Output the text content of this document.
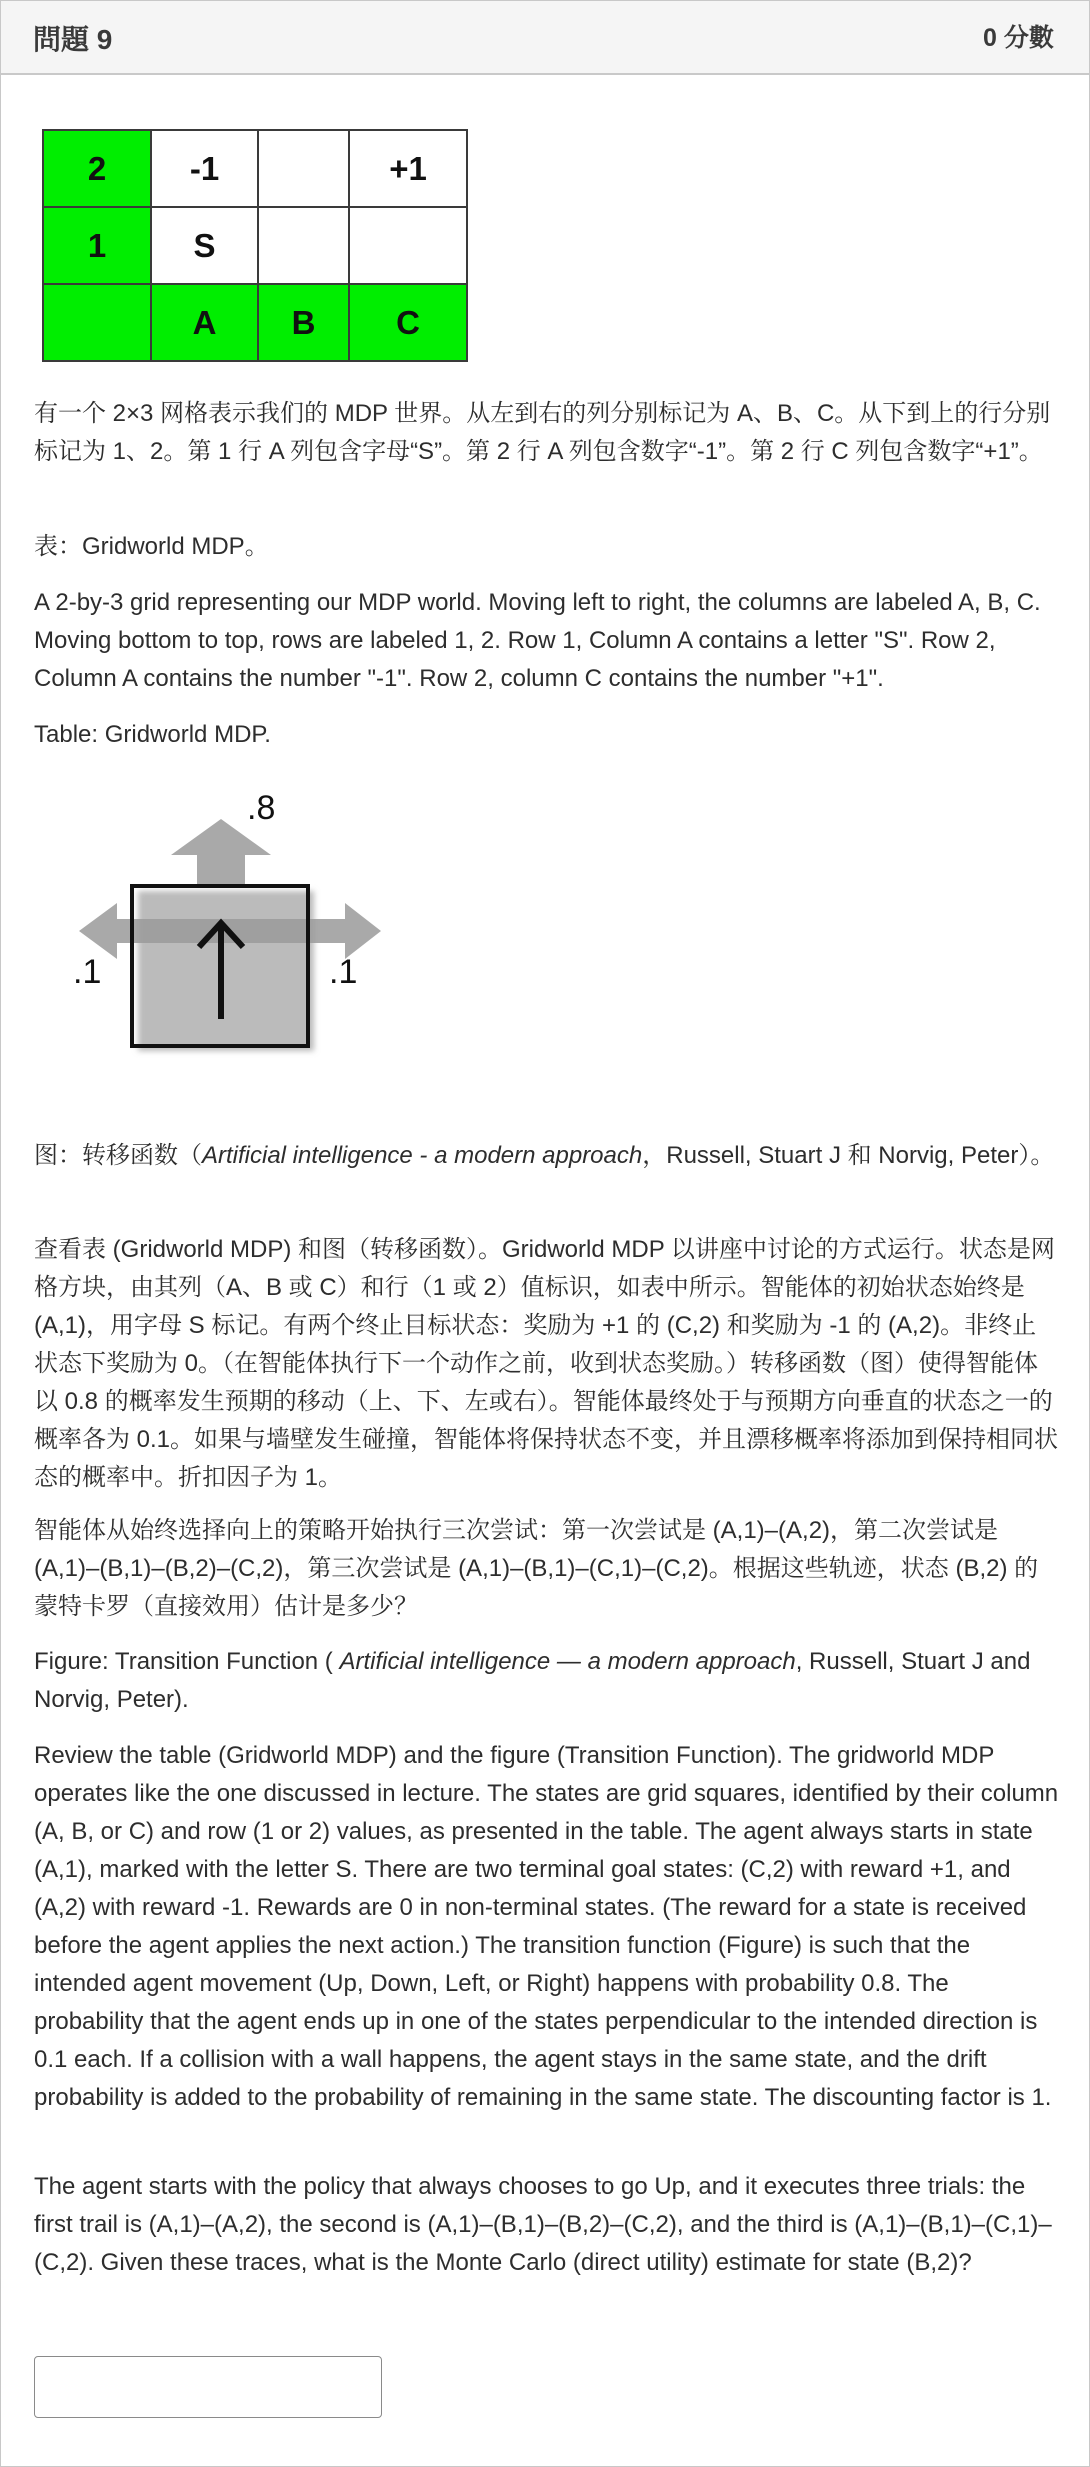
問題 9	0 分數
2	-1		+1
1	S		
	A	B	C

有一个 2×3 网格表示我们的 MDP 世界。从左到右的列分别标记为 A、B、C。从下到上的行分别标记为 1、2。第 1 行 A 列包含字母“S”。第 2 行 A 列包含数字“-1”。第 2 行 C 列包含数字“+1”。

表：Gridworld MDP。

A 2-by-3 grid representing our MDP world. Moving left to right, the columns are labeled A, B, C. Moving bottom to top, rows are labeled 1, 2. Row 1, Column A contains a letter "S". Row 2, Column A contains the number "-1". Row 2, column C contains the number "+1".

Table: Gridworld MDP.

.8
.1	.1

图：转移函数（Artificial intelligence - a modern approach，Russell, Stuart J 和 Norvig, Peter）。

查看表 (Gridworld MDP) 和图（转移函数）。Gridworld MDP 以讲座中讨论的方式运行。状态是网格方块，由其列（A、B 或 C）和行（1 或 2）值标识，如表中所示。智能体的初始状态始终是 (A,1)，用字母 S 标记。有两个终止目标状态：奖励为 +1 的 (C,2) 和奖励为 -1 的 (A,2)。非终止状态下奖励为 0。（在智能体执行下一个动作之前，收到状态奖励。）转移函数（图）使得智能体以 0.8 的概率发生预期的移动（上、下、左或右）。智能体最终处于与预期方向垂直的状态之一的概率各为 0.1。如果与墙壁发生碰撞，智能体将保持状态不变，并且漂移概率将添加到保持相同状态的概率中。折扣因子为 1。

智能体从始终选择向上的策略开始执行三次尝试：第一次尝试是 (A,1)–(A,2)，第二次尝试是 (A,1)–(B,1)–(B,2)–(C,2)，第三次尝试是 (A,1)–(B,1)–(C,1)–(C,2)。根据这些轨迹，状态 (B,2) 的蒙特卡罗（直接效用）估计是多少？

Figure: Transition Function ( Artificial intelligence — a modern approach, Russell, Stuart J and Norvig, Peter).

Review the table (Gridworld MDP) and the figure (Transition Function). The gridworld MDP operates like the one discussed in lecture. The states are grid squares, identified by their column (A, B, or C) and row (1 or 2) values, as presented in the table. The agent always starts in state (A,1), marked with the letter S. There are two terminal goal states: (C,2) with reward +1, and (A,2) with reward -1. Rewards are 0 in non-terminal states. (The reward for a state is received before the agent applies the next action.) The transition function (Figure) is such that the intended agent movement (Up, Down, Left, or Right) happens with probability 0.8. The probability that the agent ends up in one of the states perpendicular to the intended direction is 0.1 each. If a collision with a wall happens, the agent stays in the same state, and the drift probability is added to the probability of remaining in the same state. The discounting factor is 1.

The agent starts with the policy that always chooses to go Up, and it executes three trials: the first trail is (A,1)–(A,2), the second is (A,1)–(B,1)–(B,2)–(C,2), and the third is (A,1)–(B,1)–(C,1)–(C,2). Given these traces, what is the Monte Carlo (direct utility) estimate for state (B,2)?
